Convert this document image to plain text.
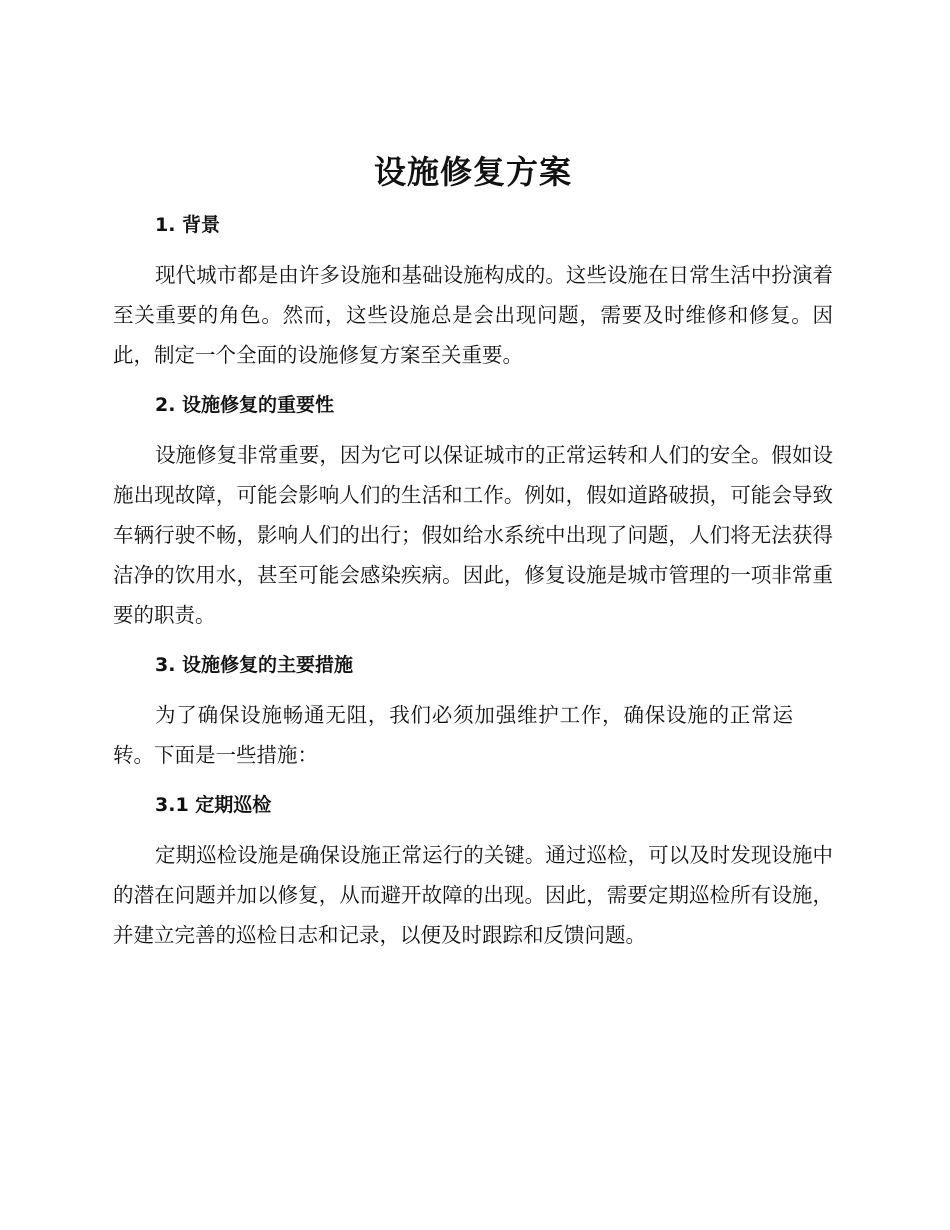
设施修复方案
1. 背景

现代城市都是由许多设施和基础设施构成的。这些设施在日常生活中扮演着至关重要的角色。然而，这些设施总是会出现问题，需要及时维修和修复。因此，制定一个全面的设施修复方案至关重要。

2. 设施修复的重要性

设施修复非常重要，因为它可以保证城市的正常运转和人们的安全。假如设施出现故障，可能会影响人们的生活和工作。例如，假如道路破损，可能会导致车辆行驶不畅，影响人们的出行；假如给水系统中出现了问题，人们将无法获得洁净的饮用水，甚至可能会感染疾病。因此，修复设施是城市管理的一项非常重要的职责。

3. 设施修复的主要措施

为了确保设施畅通无阻，我们必须加强维护工作，确保设施的正常运转。下面是一些措施：

3.1 定期巡检

定期巡检设施是确保设施正常运行的关键。通过巡检，可以及时发现设施中的潜在问题并加以修复，从而避开故障的出现。因此，需要定期巡检所有设施，并建立完善的巡检日志和记录，以便及时跟踪和反馈问题。
